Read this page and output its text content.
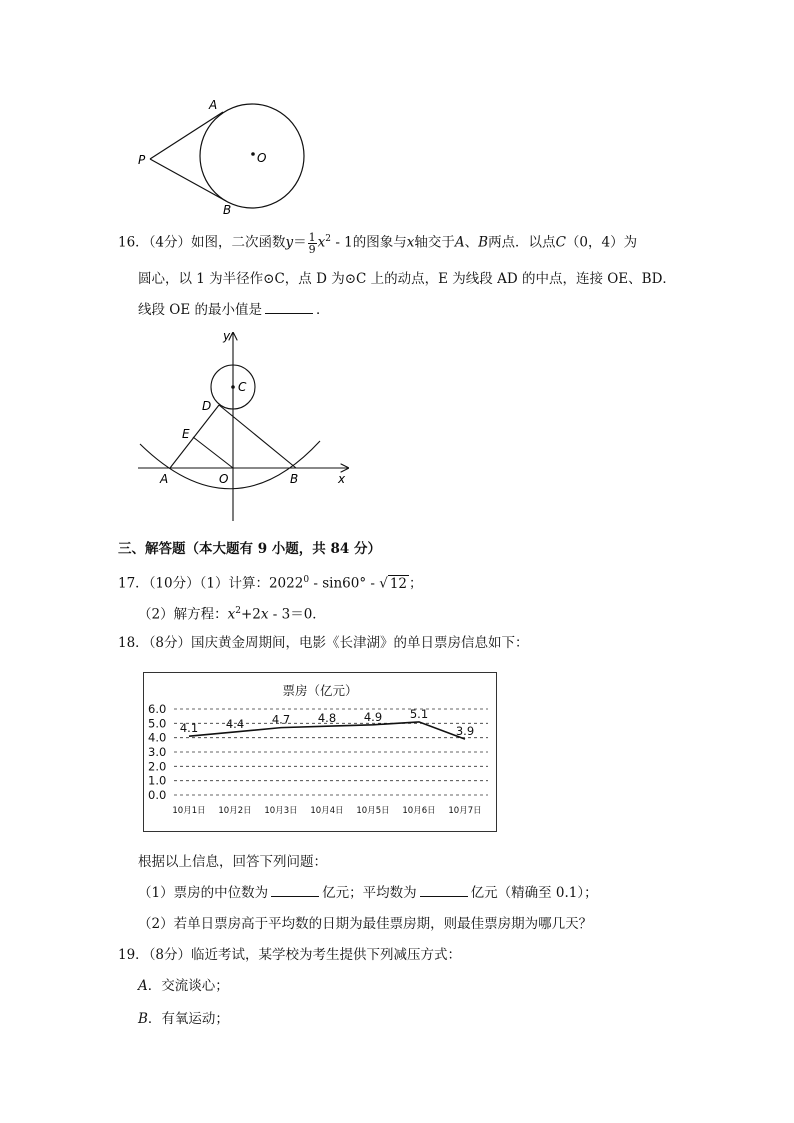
A
P	O
B
16．（4分）如图，二次函数$y= \frac{1}{9} x^2 - 1$的图象与x轴交于A、B两点．以点C（0，4）为
圆心，以 1 为半径作⊙C，点 D 为⊙C 上的动点，E 为线段 AD 的中点，连接 OE、BD．
线段 OE 的最小值是	．
y
C
D
E
A	O	B	x
三、解答题（本大题有 9 小题，共 84 分）
17．（10分）（1）计算：2022$^0$ - sin60° - √ 12 ；
（2）解方程：$x^2+2x - 3=0$．
18．（8分）国庆黄金周期间，电影《长津湖》的单日票房信息如下：
票房（亿元）
0.0
1.0
2.0
3.0
4.0
5.0
6.0
10月1日 10月2日 10月3日 10月4日 10月5日 10月6日 10月7日
4.1 4.4 4.7 4.8 4.9 5.1
3.9
根据以上信息，回答下列问题：
（1）票房的中位数为	亿元；平均数为	亿元（精确至 0.1）；
（2）若单日票房高于平均数的日期为最佳票房期，则最佳票房期为哪几天？
19．（8分）临近考试，某学校为考生提供下列减压方式：
A．交流谈心；
B．有氧运动；
